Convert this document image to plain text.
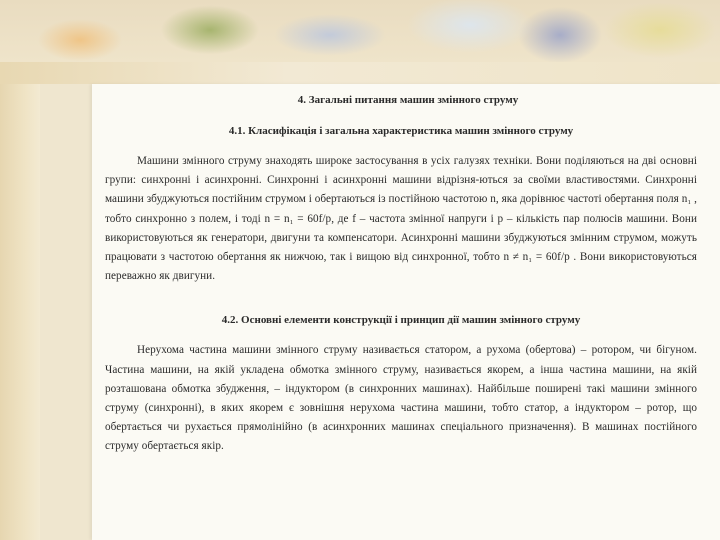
4. Загальні питання машин змінного струму
4.1. Класифікація і загальна характеристика машин змінного струму

Машини змінного струму знаходять широке застосування в усіх галузях техніки. Вони поділяються на дві основні групи: синхронні і асинхронні. Синхронні і асинхронні машини відрізня-ються за своїми властивостями. Синхронні машини збуджуються постійним струмом і обертаються із постійною частотою n, яка дорівнює частоті обертання поля n₁ , тобто синхронно з полем, і тоді n = n₁ = 60f/p, де f – частота змінної напруги і p – кількість пар полюсів машини. Вони використовуються як генератори, двигуни та компенсатори. Асинхронні машини збуджуються змінним струмом, можуть працювати з частотою обертання як нижчою, так і вищою від синхронної, тобто n ≠ n₁ = 60f/p . Вони використовуються переважно як двигуни.

4.2. Основні елементи конструкції і принцип дії машин змінного струму

Нерухома частина машини змінного струму називається статором, а рухома (обертова) – ротором, чи бігуном. Частина машини, на якій укладена обмотка змінного струму, називається якорем, а інша частина машини, на якій розташована обмотка збудження, – індуктором (в синхронних машинах). Найбільше поширені такі машини змінного струму (синхронні), в яких якорем є зовнішня нерухома частина машини, тобто статор, а індуктором – ротор, що обертається чи рухається прямолінійно (в асинхронних машинах спеціального призначення). В машинах постійного струму обертається якір.
